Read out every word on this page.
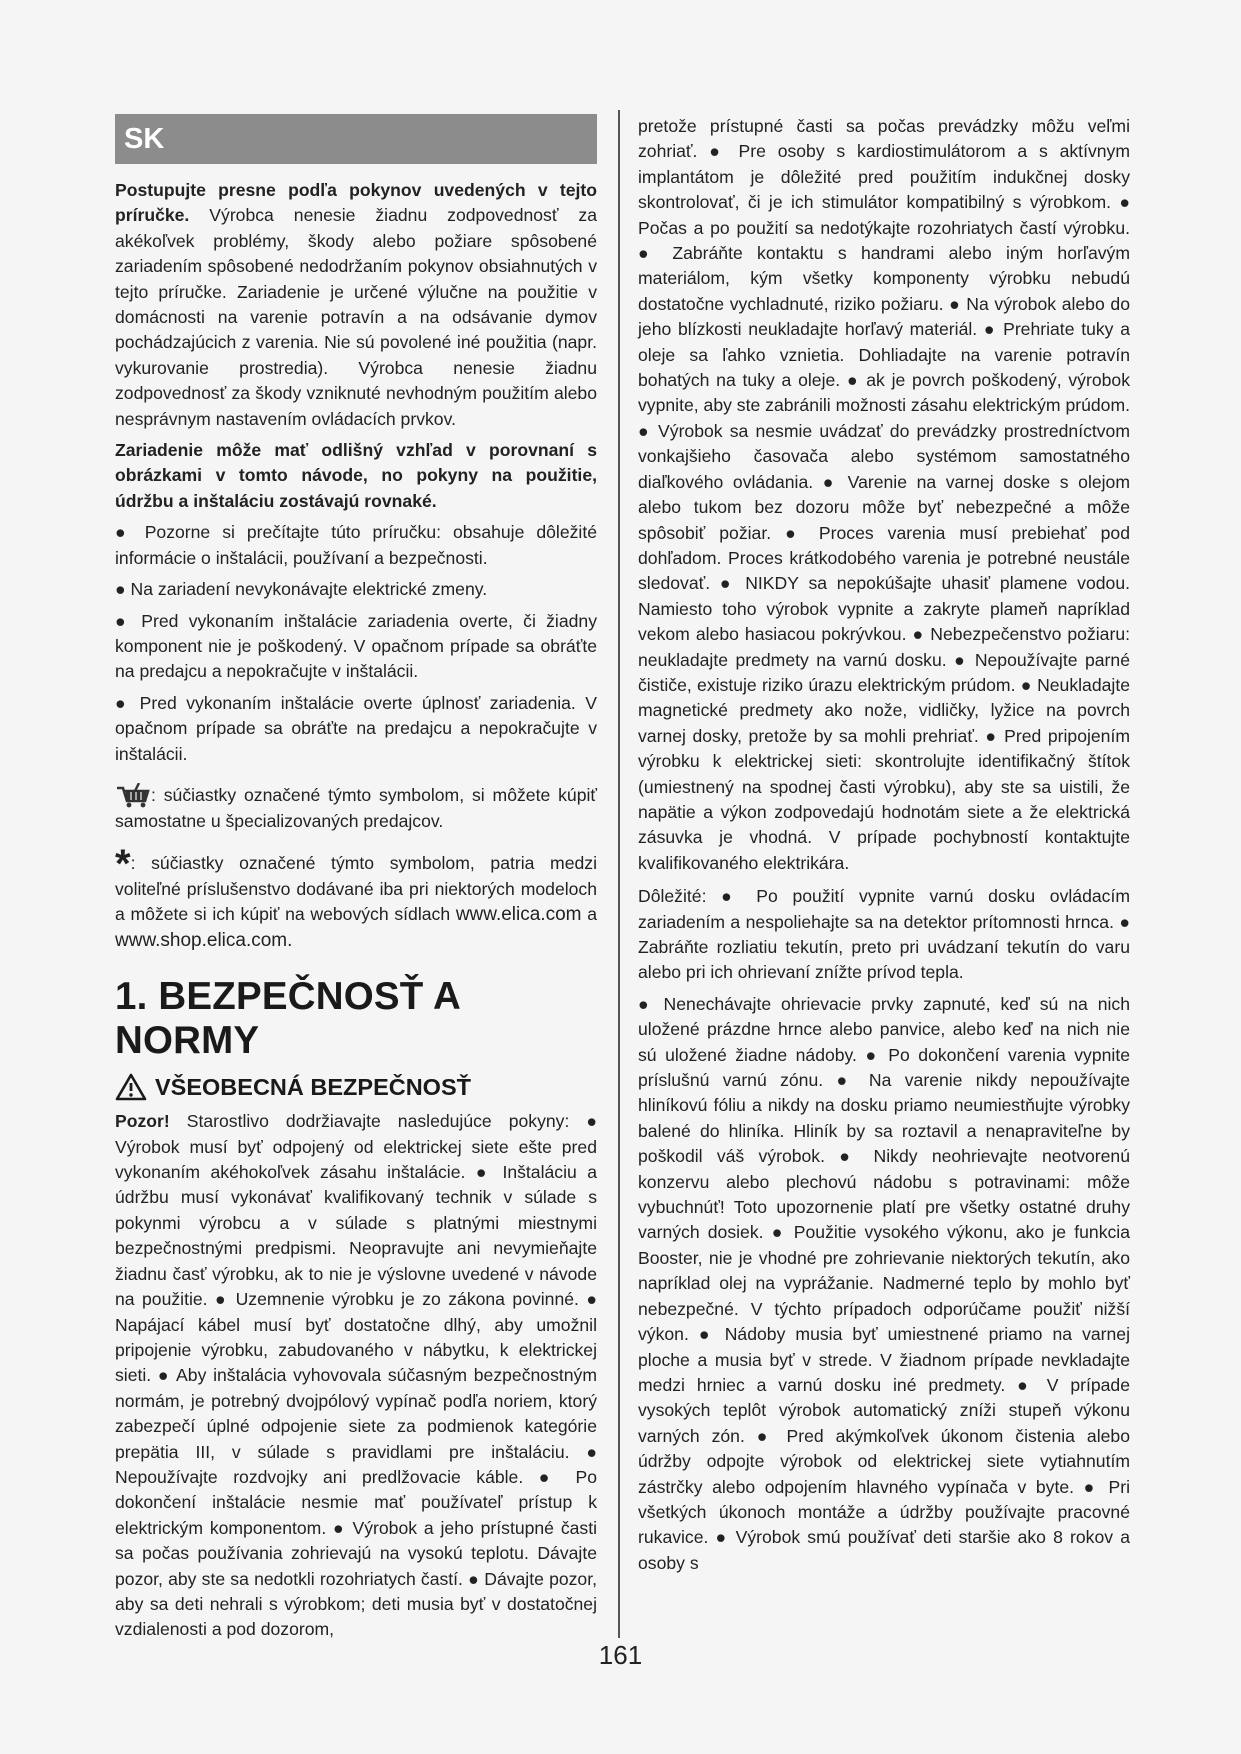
SK

Postupujte presne podľa pokynov uvedených v tejto príručke. Výrobca nenesie žiadnu zodpovednosť za akékoľvek problémy, škody alebo požiare spôsobené zariadením spôsobené nedodržaním pokynov obsiahnutých v tejto príručke. Zariadenie je určené výlučne na použitie v domácnosti na varenie potravín a na odsávanie dymov pochádzajúcich z varenia. Nie sú povolené iné použitia (napr. vykurovanie prostredia). Výrobca nenesie žiadnu zodpovednosť za škody vzniknuté nevhodným použitím alebo nesprávnym nastavením ovládacích prvkov.

Zariadenie môže mať odlišný vzhľad v porovnaní s obrázkami v tomto návode, no pokyny na použitie, údržbu a inštaláciu zostávajú rovnaké.

● Pozorne si prečítajte túto príručku: obsahuje dôležité informácie o inštalácii, používaní a bezpečnosti.

● Na zariadení nevykonávajte elektrické zmeny.

● Pred vykonaním inštalácie zariadenia overte, či žiadny komponent nie je poškodený. V opačnom prípade sa obráťte na predajcu a nepokračujte v inštalácii.

● Pred vykonaním inštalácie overte úplnosť zariadenia. V opačnom prípade sa obráťte na predajcu a nepokračujte v inštalácii.

: súčiastky označené týmto symbolom, si môžete kúpiť samostatne u špecializovaných predajcov.

*: súčiastky označené týmto symbolom, patria medzi voliteľné príslušenstvo dodávané iba pri niektorých modeloch a môžete si ich kúpiť na webových sídlach www.elica.com a www.shop.elica.com.

1. BEZPEČNOSŤ A NORMY
VŠEOBECNÁ BEZPEČNOSŤ

Pozor! Starostlivo dodržiavajte nasledujúce pokyny: ● Výrobok musí byť odpojený od elektrickej siete ešte pred vykonaním akéhokoľvek zásahu inštalácie. ● Inštaláciu a údržbu musí vykonávať kvalifikovaný technik v súlade s pokynmi výrobcu a v súlade s platnými miestnymi bezpečnostnými predpismi. Neopravujte ani nevymieňajte žiadnu časť výrobku, ak to nie je výslovne uvedené v návode na použitie. ● Uzemnenie výrobku je zo zákona povinné. ● Napájací kábel musí byť dostatočne dlhý, aby umožnil pripojenie výrobku, zabudovaného v nábytku, k elektrickej sieti. ● Aby inštalácia vyhovovala súčasným bezpečnostným normám, je potrebný dvojpólový vypínač podľa noriem, ktorý zabezpečí úplné odpojenie siete za podmienok kategórie prepätia III, v súlade s pravidlami pre inštaláciu. ● Nepoužívajte rozdvojky ani predlžovacie káble. ● Po dokončení inštalácie nesmie mať používateľ prístup k elektrickým komponentom. ● Výrobok a jeho prístupné časti sa počas používania zohrievajú na vysokú teplotu. Dávajte pozor, aby ste sa nedotkli rozohriatych častí. ● Dávajte pozor, aby sa deti nehrali s výrobkom; deti musia byť v dostatočnej vzdialenosti a pod dozorom,

pretože prístupné časti sa počas prevádzky môžu veľmi zohriať. ● Pre osoby s kardiostimulátorom a s aktívnym implantátom je dôležité pred použitím indukčnej dosky skontrolovať, či je ich stimulátor kompatibilný s výrobkom. ● Počas a po použití sa nedotýkajte rozohriatych častí výrobku. ● Zabráňte kontaktu s handrami alebo iným horľavým materiálom, kým všetky komponenty výrobku nebudú dostatočne vychladnuté, riziko požiaru. ● Na výrobok alebo do jeho blízkosti neukladajte horľavý materiál. ● Prehriate tuky a oleje sa ľahko vznietia. Dohliadajte na varenie potravín bohatých na tuky a oleje. ● ak je povrch poškodený, výrobok vypnite, aby ste zabránili možnosti zásahu elektrickým prúdom. ● Výrobok sa nesmie uvádzať do prevádzky prostredníctvom vonkajšieho časovača alebo systémom samostatného diaľkového ovládania. ● Varenie na varnej doske s olejom alebo tukom bez dozoru môže byť nebezpečné a môže spôsobiť požiar. ● Proces varenia musí prebiehať pod dohľadom. Proces krátkodobého varenia je potrebné neustále sledovať. ● NIKDY sa nepokúšajte uhasiť plamene vodou. Namiesto toho výrobok vypnite a zakryte plameň napríklad vekom alebo hasiacou pokrývkou. ● Nebezpečenstvo požiaru: neukladajte predmety na varnú dosku. ● Nepoužívajte parné čističe, existuje riziko úrazu elektrickým prúdom. ● Neukladajte magnetické predmety ako nože, vidličky, lyžice na povrch varnej dosky, pretože by sa mohli prehriať. ● Pred pripojením výrobku k elektrickej sieti: skontrolujte identifikačný štítok (umiestnený na spodnej časti výrobku), aby ste sa uistili, že napätie a výkon zodpovedajú hodnotám siete a že elektrická zásuvka je vhodná. V prípade pochybností kontaktujte kvalifikovaného elektrikára.

Dôležité: ● Po použití vypnite varnú dosku ovládacím zariadením a nespoliehajte sa na detektor prítomnosti hrnca. ● Zabráňte rozliatiu tekutín, preto pri uvádzaní tekutín do varu alebo pri ich ohrievaní znížte prívod tepla.

● Nenechávajte ohrievacie prvky zapnuté, keď sú na nich uložené prázdne hrnce alebo panvice, alebo keď na nich nie sú uložené žiadne nádoby. ● Po dokončení varenia vypnite príslušnú varnú zónu. ● Na varenie nikdy nepoužívajte hliníkovú fóliu a nikdy na dosku priamo neumiestňujte výrobky balené do hliníka. Hliník by sa roztavil a nenapraviteľne by poškodil váš výrobok. ● Nikdy neohrievajte neotvorenú konzervu alebo plechovú nádobu s potravinami: môže vybuchnúť! Toto upozornenie platí pre všetky ostatné druhy varných dosiek. ● Použitie vysokého výkonu, ako je funkcia Booster, nie je vhodné pre zohrievanie niektorých tekutín, ako napríklad olej na vyprážanie. Nadmerné teplo by mohlo byť nebezpečné. V týchto prípadoch odporúčame použiť nižší výkon. ● Nádoby musia byť umiestnené priamo na varnej ploche a musia byť v strede. V žiadnom prípade nevkladajte medzi hrniec a varnú dosku iné predmety. ● V prípade vysokých teplôt výrobok automatický zníži stupeň výkonu varných zón. ● Pred akýmkoľvek úkonom čistenia alebo údržby odpojte výrobok od elektrickej siete vytiahnutím zástrčky alebo odpojením hlavného vypínača v byte. ● Pri všetkých úkonoch montáže a údržby používajte pracovné rukavice. ● Výrobok smú používať deti staršie ako 8 rokov a osoby s

161
